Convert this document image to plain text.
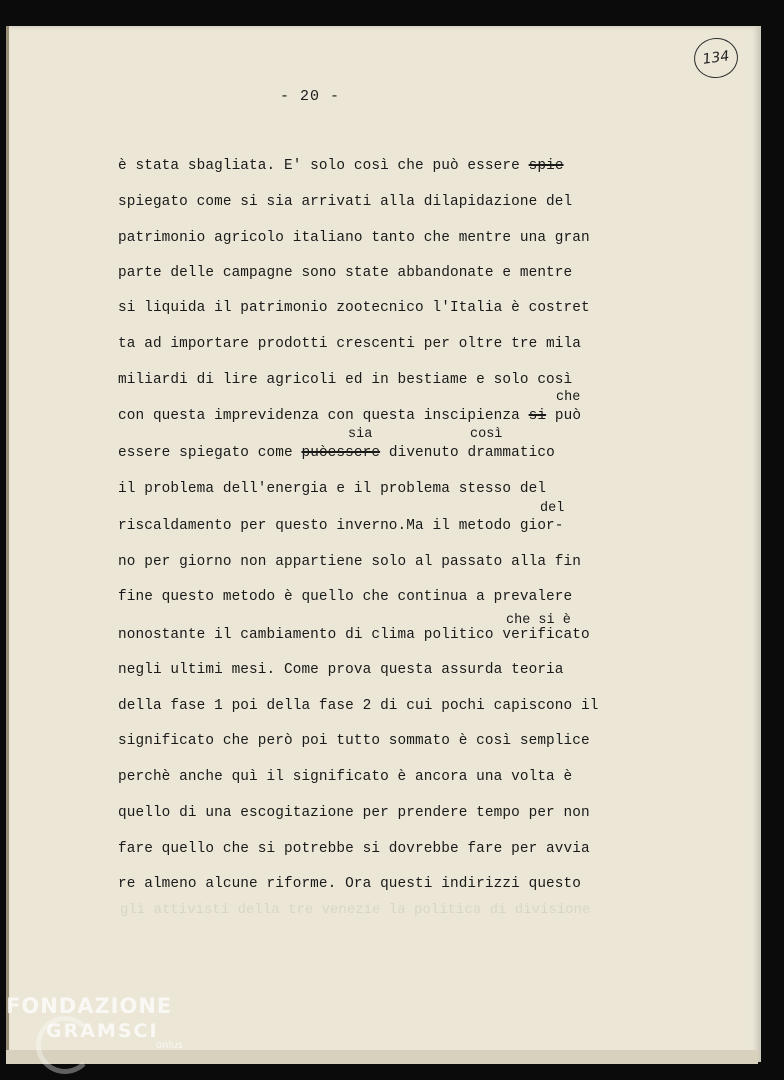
134
- 20 -
è stata sbagliata. E' solo così che può essere spie
spiegato come si sia arrivati alla dilapidazione del
patrimonio agricolo italiano tanto che mentre una gran
parte delle campagne sono state abbandonate e mentre
si liquida il patrimonio zootecnico l'Italia è costret
ta ad importare prodotti crescenti per oltre tre mila
miliardi di lire agricoli ed in bestiame e solo così
che
con questa imprevidenza con questa inscipienza si può
sia	così
essere spiegato come puòessere divenuto drammatico
il problema dell'energia e il problema stesso del
del
riscaldamento per questo inverno.Ma il metodo gior-
no per giorno non appartiene solo al passato alla fin
fine questo metodo è quello che continua a prevalere
che si è
nonostante il cambiamento di clima politico verificato
negli ultimi mesi. Come prova questa assurda teoria
della fase 1 poi della fase 2 di cui pochi capiscono il
significato che però poi tutto sommato è così semplice
perchè anche quì il significato è ancora una volta è
quello di una escogitazione per prendere tempo per non
fare quello che si potrebbe si dovrebbe fare per avvia
re almeno alcune riforme. Ora questi indirizzi questo
gli attivisti della tre venezie la politica di divisione
FONDAZIONE
GRAMSCI
onlus
